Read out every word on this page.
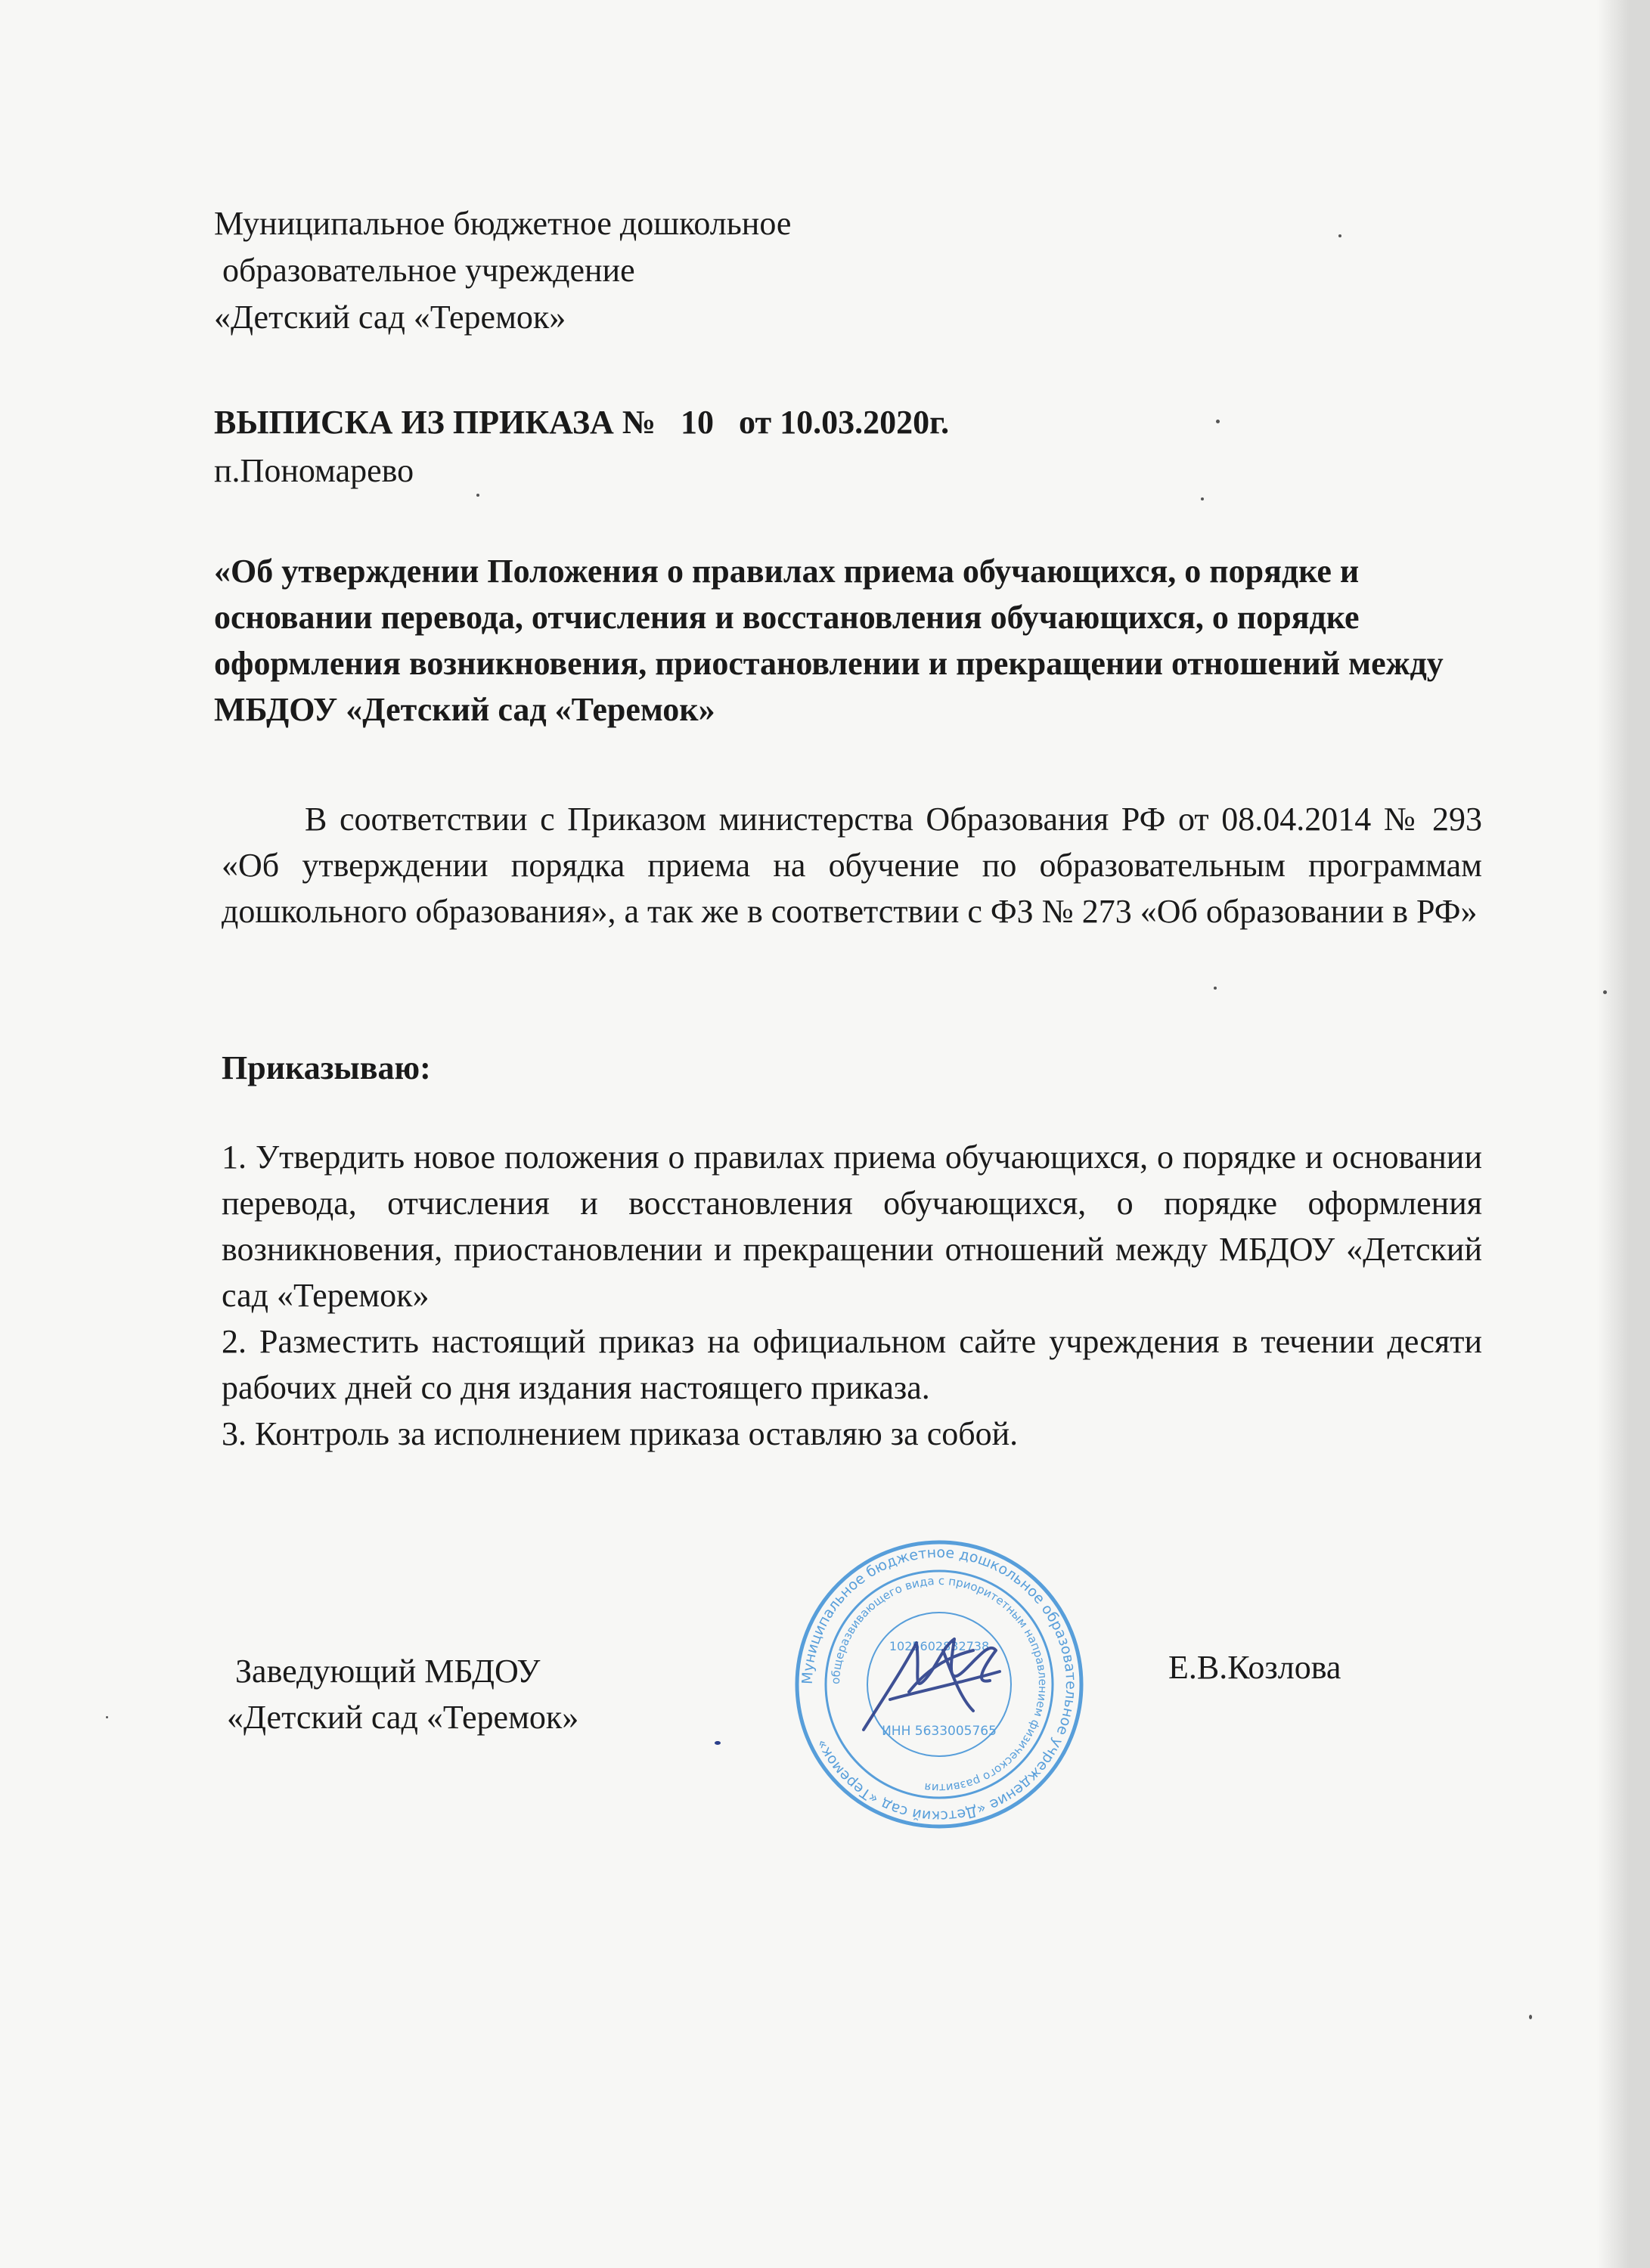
Муниципальное бюджетное дошкольное
образовательное учреждение
«Детский сад «Теремок»
ВЫПИСКА ИЗ ПРИКАЗА №   10   от 10.03.2020г.
п.Пономарево
«Об утверждении Положения о правилах приема обучающихся, о порядке и основании перевода, отчисления и восстановления обучающихся, о порядке оформления возникновения, приостановлении и прекращении отношений между МБДОУ «Детский сад «Теремок»
В соответствии с Приказом министерства Образования РФ от 08.04.2014 № 293 «Об утверждении порядка приема на обучение по образовательным программам дошкольного образования», а так же в соответствии с ФЗ № 273 «Об образовании в РФ»
Приказываю:
1. Утвердить новое положения о правилах приема обучающихся, о порядке и основании перевода, отчисления и восстановления обучающихся, о порядке оформления возникновения, приостановлении и прекращении отношений между МБДОУ «Детский сад «Теремок»
2. Разместить настоящий приказ на официальном сайте учреждения в течении десяти рабочих дней со дня издания настоящего приказа.
3. Контроль за исполнением приказа оставляю за собой.
Заведующий МБДОУ
«Детский сад «Теремок»
Е.В.Козлова
Муниципальное бюджетное дошкольное образовательное учреждение «Детский сад «Теремок»
общеразвивающего вида с приоритетным направлением физического развития
1025602832738
ИНН 5633005765
